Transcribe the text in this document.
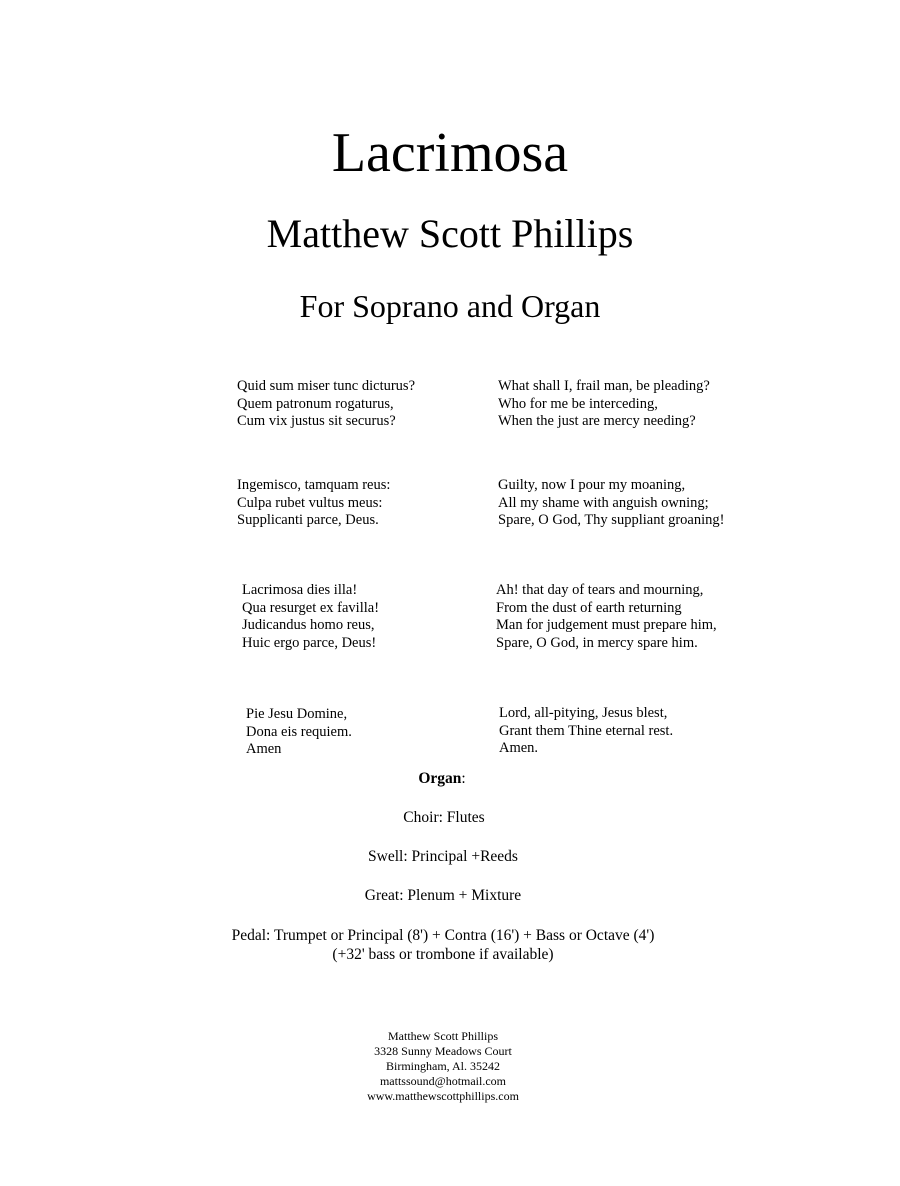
Lacrimosa
Matthew Scott Phillips
For Soprano and Organ
Quid sum miser tunc dicturus?
Quem patronum rogaturus,
Cum vix justus sit securus?
What shall I, frail man, be pleading?
Who for me be interceding,
When the just are mercy needing?
Ingemisco, tamquam reus:
Culpa rubet vultus meus:
Supplicanti parce, Deus.
Guilty, now I pour my moaning,
All my shame with anguish owning;
Spare, O God, Thy suppliant groaning!
Lacrimosa dies illa!
Qua resurget ex favilla!
Judicandus homo reus,
Huic ergo parce, Deus!
Ah! that day of tears and mourning,
From the dust of earth returning
Man for judgement must prepare him,
Spare, O God, in mercy spare him.
Pie Jesu Domine,
Dona eis requiem.
Amen
Lord, all-pitying, Jesus blest,
Grant them Thine eternal rest.
Amen.
Organ:
Choir: Flutes
Swell: Principal +Reeds
Great: Plenum + Mixture
Pedal: Trumpet or Principal (8') + Contra (16') + Bass or Octave (4')
(+32' bass or trombone if available)
Matthew Scott Phillips
3328 Sunny Meadows Court
Birmingham, Al. 35242
mattssound@hotmail.com
www.matthewscottphillips.com
